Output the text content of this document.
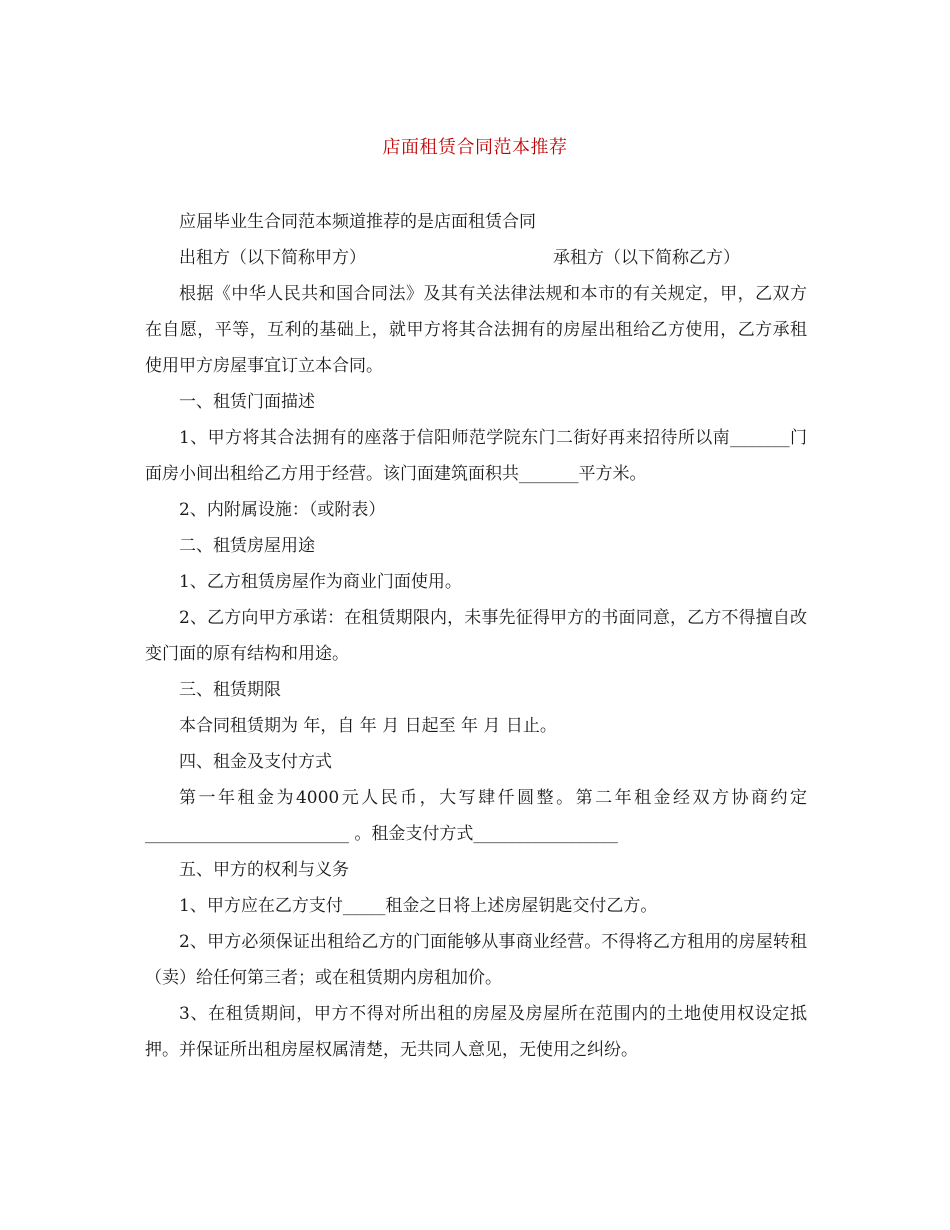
店面租赁合同范本推荐

应届毕业生合同范本频道推荐的是店面租赁合同

出租方（以下简称甲方）	承租方（以下简称乙方）

根据《中华人民共和国合同法》及其有关法律法规和本市的有关规定，甲，乙双方在自愿，平等，互利的基础上，就甲方将其合法拥有的房屋出租给乙方使用，乙方承租使用甲方房屋事宜订立本合同。

一、租赁门面描述

1、甲方将其合法拥有的座落于信阳师范学院东门二街好再来招待所以南_______门面房小间出租给乙方用于经营。该门面建筑面积共_______平方米。

2、内附属设施：（或附表）

二、租赁房屋用途

1、乙方租赁房屋作为商业门面使用。

2、乙方向甲方承诺：在租赁期限内，未事先征得甲方的书面同意，乙方不得擅自改变门面的原有结构和用途。

三、租赁期限

本合同租赁期为 年，自 年 月 日起至 年 月 日止。

四、租金及支付方式

第一年租金为4000元人民币，大写肆仟圆整。第二年租金经双方协商约定________________________ 。租金支付方式_________________

五、甲方的权利与义务

1、甲方应在乙方支付_____租金之日将上述房屋钥匙交付乙方。

2、甲方必须保证出租给乙方的门面能够从事商业经营。不得将乙方租用的房屋转租（卖）给任何第三者；或在租赁期内房租加价。

3、在租赁期间，甲方不得对所出租的房屋及房屋所在范围内的土地使用权设定抵押。并保证所出租房屋权属清楚，无共同人意见，无使用之纠纷。
